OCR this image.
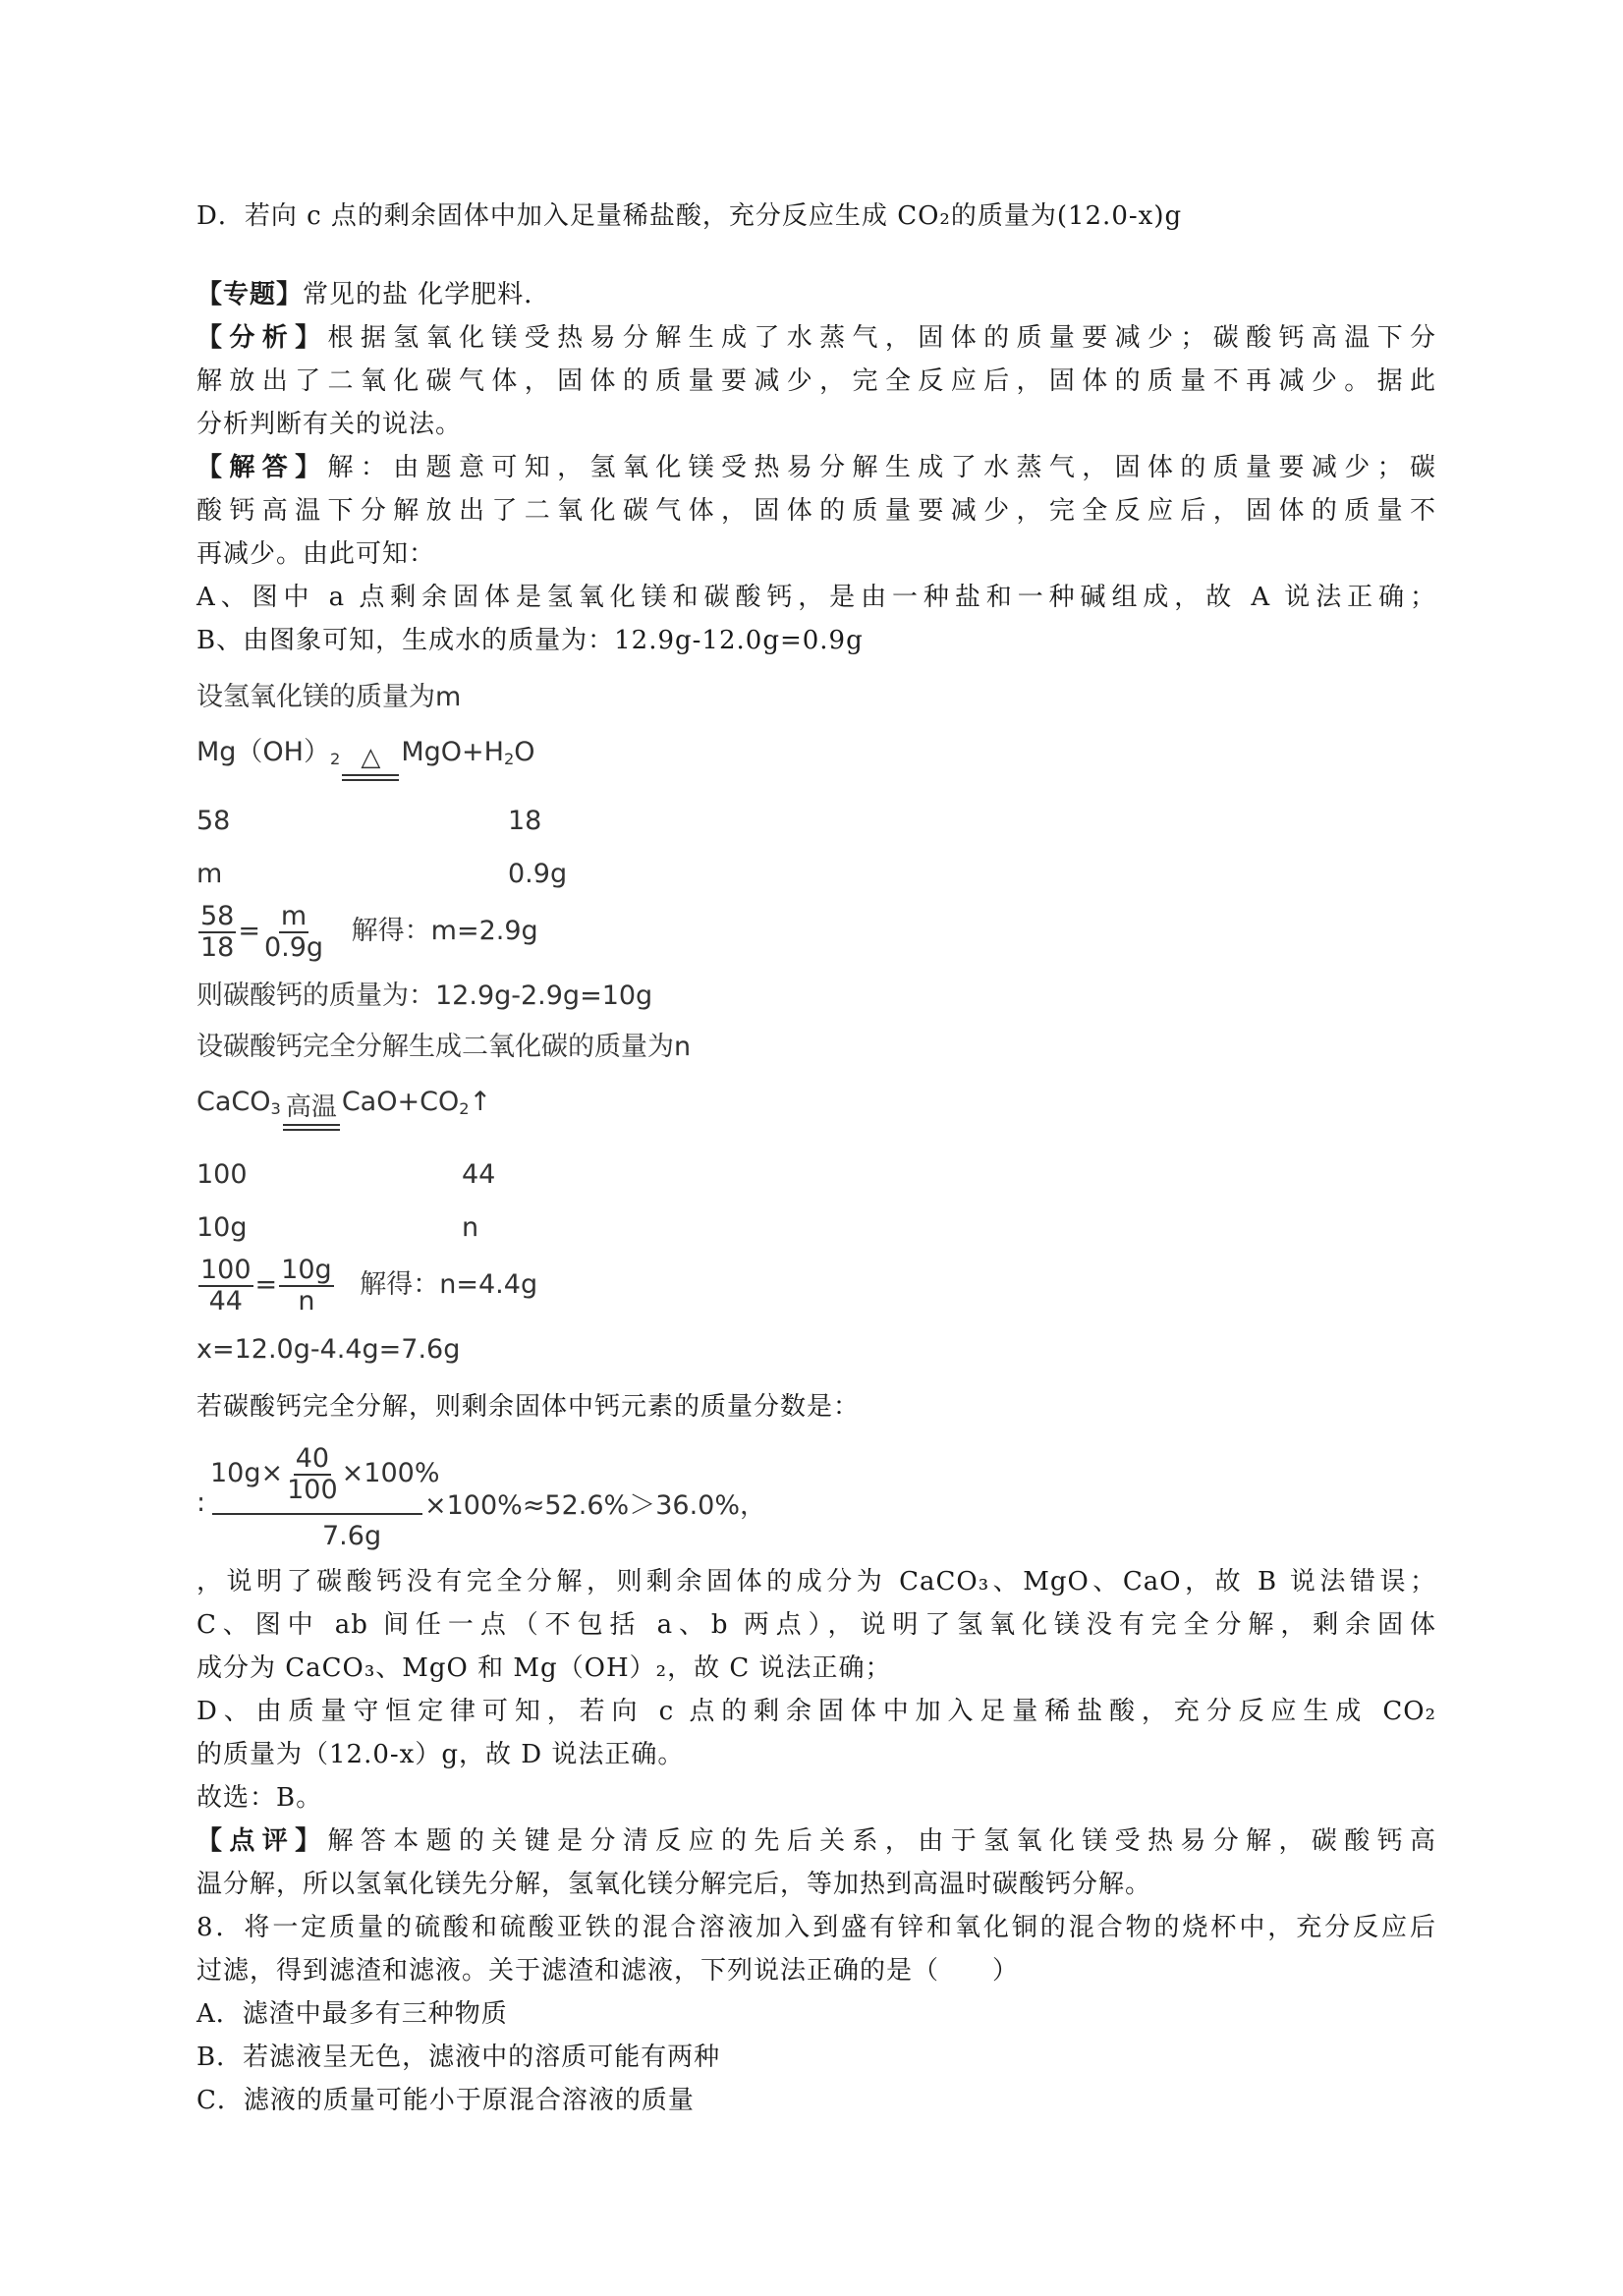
D．若向 c 点的剩余固体中加入足量稀盐酸，充分反应生成 CO₂的质量为(12.0-x)g
【专题】常见的盐 化学肥料．
【分析】根据氢氧化镁受热易分解生成了水蒸气，固体的质量要减少；碳酸钙高温下分
解放出了二氧化碳气体，固体的质量要减少，完全反应后，固体的质量不再减少。据此
分析判断有关的说法。
【解答】解：由题意可知，氢氧化镁受热易分解生成了水蒸气，固体的质量要减少；碳
酸钙高温下分解放出了二氧化碳气体，固体的质量要减少，完全反应后，固体的质量不
再减少。由此可知：
A、图中 a 点剩余固体是氢氧化镁和碳酸钙，是由一种盐和一种碱组成，故 A 说法正确；
B、由图象可知，生成水的质量为：12.9g-12.0g=0.9g
设氢氧化镁的质量为m
$Mg(OH)_2$ △ $MgO+H_2O$
58	18
m	0.9g
$\frac{58}{18} = \frac{m}{0.9g}$ 解得：m=2.9g
则碳酸钙的质量为：12.9g-2.9g=10g
设碳酸钙完全分解生成二氧化碳的质量为n
CaCO$_3$ 高温 $CaO+CO_2↑$
100	44
10g	n
$\frac{100}{44} = \frac{10g}{n}$ 解得：n=4.4g
x=12.0g-4.4g=7.6g
若碳酸钙完全分解，则剩余固体中钙元素的质量分数是：
:
$10g\times \frac{40}{100} \times 100\%$
7.6g
×100%≈52.6%＞36.0%，
，说明了碳酸钙没有完全分解，则剩余固体的成分为 CaCO₃、MgO、CaO，故 B 说法错误；
C、图中 ab 间任一点（不包括 a、b 两点），说明了氢氧化镁没有完全分解，剩余固体
成分为 CaCO₃、MgO 和 Mg（OH）₂，故 C 说法正确；
D、由质量守恒定律可知，若向 c 点的剩余固体中加入足量稀盐酸，充分反应生成 CO₂
的质量为（12.0-x）g，故 D 说法正确。
故选：B。
【点评】解答本题的关键是分清反应的先后关系，由于氢氧化镁受热易分解，碳酸钙高
温分解，所以氢氧化镁先分解，氢氧化镁分解完后，等加热到高温时碳酸钙分解。
8．将一定质量的硫酸和硫酸亚铁的混合溶液加入到盛有锌和氧化铜的混合物的烧杯中，充分反应后
过滤，得到滤渣和滤液。关于滤渣和滤液，下列说法正确的是（　　）
A．滤渣中最多有三种物质
B．若滤液呈无色，滤液中的溶质可能有两种
C．滤液的质量可能小于原混合溶液的质量
